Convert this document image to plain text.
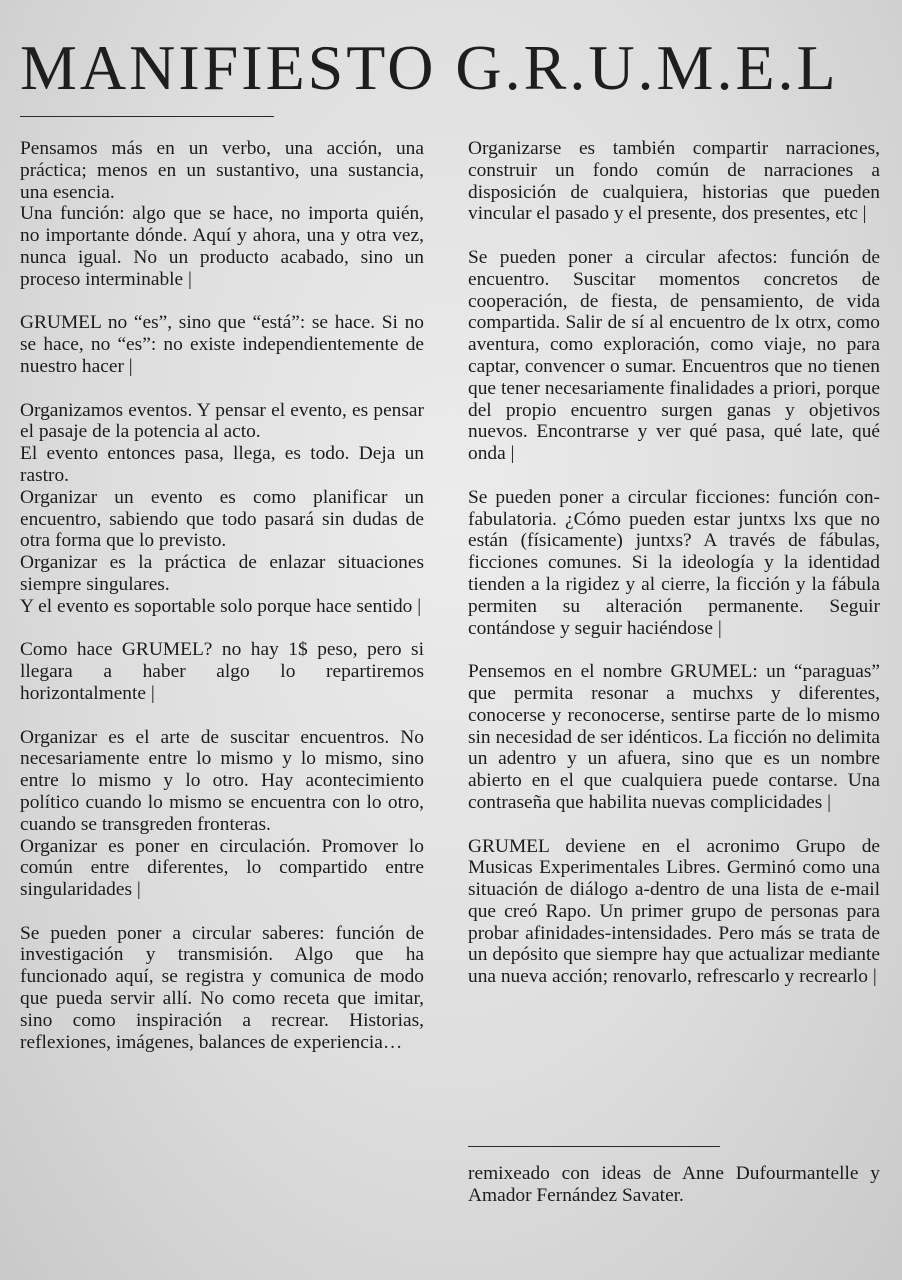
MANIFIESTO G.R.U.M.E.L

Pensamos más en un verbo, una acción, una práctica; menos en un sustantivo, una sustancia, una esencia.
Una función: algo que se hace, no importa quién, no importante dónde. Aquí y ahora, una y otra vez, nunca igual. No un producto acabado, sino un proceso interminable |

GRUMEL no “es”, sino que “está”: se hace. Si no se hace, no “es”: no existe independientemente de nuestro hacer |

Organizamos eventos. Y pensar el evento, es pensar el pasaje de la potencia al acto.
El evento entonces pasa, llega, es todo. Deja un rastro.
Organizar un evento es como planificar un encuentro, sabiendo que todo pasará sin dudas de otra forma que lo previsto.
Organizar es la práctica de enlazar situaciones siempre singulares.
Y el evento es soportable solo porque hace sentido |

Como hace GRUMEL? no hay 1$ peso, pero si llegara a haber algo lo repartiremos horizontalmente |

Organizar es el arte de suscitar encuentros. No necesariamente entre lo mismo y lo mismo, sino entre lo mismo y lo otro. Hay acontecimiento político cuando lo mismo se encuentra con lo otro, cuando se transgreden fronteras.
Organizar es poner en circulación. Promover lo común entre diferentes, lo compartido entre singularidades |

Se pueden poner a circular saberes: función de investigación y transmisión. Algo que ha funcionado aquí, se registra y comunica de modo que pueda servir allí. No como receta que imitar, sino como inspiración a recrear. Historias, reflexiones, imágenes, balances de experiencia…

Organizarse es también compartir narraciones, construir un fondo común de narraciones a disposición de cualquiera, historias que pueden vincular el pasado y el presente, dos presentes, etc |

Se pueden poner a circular afectos: función de encuentro. Suscitar momentos concretos de cooperación, de fiesta, de pensamiento, de vida compartida. Salir de sí al encuentro de lx otrx, como aventura, como exploración, como viaje, no para captar, convencer o sumar. Encuentros que no tienen que tener necesariamente finalidades a priori, porque del propio encuentro surgen ganas y objetivos nuevos. Encontrarse y ver qué pasa, qué late, qué onda |

Se pueden poner a circular ficciones: función con-fabulatoria. ¿Cómo pueden estar juntxs lxs que no están (físicamente) juntxs? A través de fábulas, ficciones comunes. Si la ideología y la identidad tienden a la rigidez y al cierre, la ficción y la fábula permiten su alteración permanente. Seguir contándose y seguir haciéndose |

Pensemos en el nombre GRUMEL: un “paraguas” que permita resonar a muchxs y diferentes, conocerse y reconocerse, sentirse parte de lo mismo sin necesidad de ser idénticos. La ficción no delimita un adentro y un afuera, sino que es un nombre abierto en el que cualquiera puede contarse. Una contraseña que habilita nuevas complicidades |

GRUMEL deviene en el acronimo Grupo de Musicas Experimentales Libres. Germinó como una situación de diálogo a-dentro de una lista de e-mail que creó Rapo. Un primer grupo de personas para probar afinidades-intensidades. Pero más se trata de un depósito que siempre hay que actualizar mediante una nueva acción; renovarlo, refrescarlo y recrearlo |

remixeado con ideas de Anne Dufourmantelle y Amador Fernández Savater.
